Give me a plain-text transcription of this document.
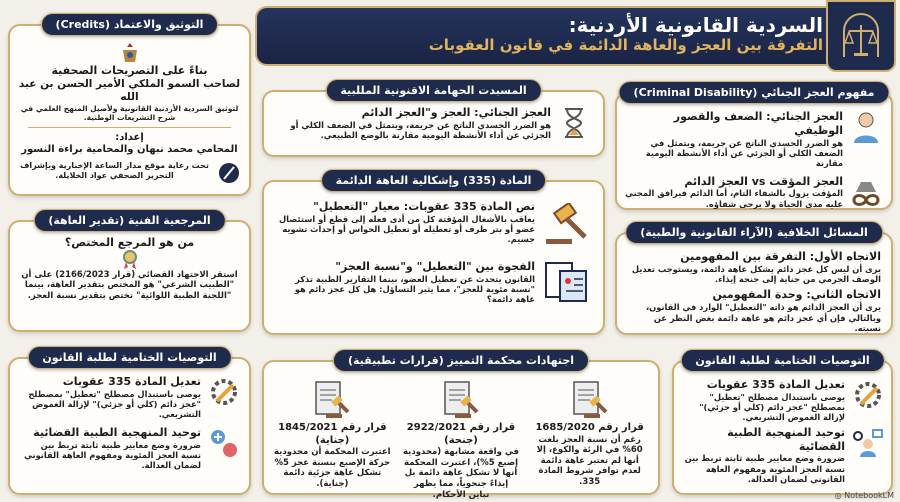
السردية القانونية الأردنية:
التفرقة بين العجز والعاهة الدائمة في قانون العقوبات
التوثيق والاعتماد (Credits)
بناءً على التصريحات الصحفية
لصاحب السمو الملكي الأمير الحسن بن عبد الله
لتوثيق السردية الأردنية القانونية ولأصيل المنهج العلمي في شرح التشريعات الوطنية.
إعداد:
المحامي محمد نبهان والمحامية براءة النسور
تحت رعاية موقع مدار الساعة الإخبارية وبإشراف التحرير الصحفي عواد الخلايلة.
المرجعية الفنية (تقدير العاهة)
من هو المرجع المختص؟
استقر الاجتهاد القضائي (قرار 2166/2023) على أن "الطبيب الشرعي" هو المختص بتقدير العاهة، بينما "اللجنة الطبية اللوائية" تختص بتقدير نسبة العجز.
التوصيات الختامية لطلبة القانون
تعديل المادة 335 عقوبات
يوصى باستبدال مصطلح "تعطيل" بمصطلح "عجز دائم (كلي أو جزئي)" لإزالة الغموض التشريعي.
توحيد المنهجية الطبية القضائية
ضرورة وضع معايير طبية ثابتة تربط بين نسبة العجز المئوية ومفهوم العاهة القانوني لضمان العدالة.
المسبدت الحهامة الاقنونية المللبية
العجز الجنائي: العجز و"العجز الدائم
هو الضرر الجسدي الناتج عن جريمة، ويتمثل في الضعف الكلي أو الجزئي عن أداء الأنشطة اليومية مقارنة بالوضع الطبيعي.
المادة (335) وإشكالية العاهة الدائمة
نص المادة 335 عقوبات: معيار "التعطيل"
يعاقب بالأشغال المؤقتة كل من أدى فعله إلى قطع أو استئصال عضو أو بتر طرف أو تعطيله أو تعطيل الحواس أو إحداث تشويه جسيم.
الفجوة بين "التعطيل" و"نسبة العجز"
القانون يتحدث عن تعطيل العضو، بينما التقارير الطبية تذكر "نسبة مئوية للعجز"، مما يثير التساؤل: هل كل عجز دائم هو عاهة دائمة؟
مفهوم العجز الجنائي (Criminal Disability)
العجز الجنائي: الضعف والقصور الوظيفي
هو الضرر الجسدي الناتج عن جريمة، ويتمثل في الضعف الكلي أو الجزئي عن أداء الأنشطة اليومية مقارنة
العجز المؤقت vs العجز الدائم
المؤقت يزول بالشفاء التام، أما الدائم فيرافق المجني عليه مدى الحياة ولا يرجى شفاؤه.
المسائل الخلافية (الآراء القانونية والطبية)
الاتجاه الأول: التفرقة بين المفهومين
يرى أن ليس كل عجز دائم يشكل عاهة دائمة، ويستوجب تعديل الوصف الجرمي من جناية إلى جنحة إيذاء.
الاتجاه الثاني: وحدة المفهومين
يرى أن العجز الدائم هو ذاته "التعطيل" الوارد في القانون، وبالتالي فإن أي عجز دائم هو عاهة دائمة بغض النظر عن نسبته.
اجتهادات محكمة التمييز (قرارات تطبيقية)
قرار رقم 1685/2020
رغم أن نسبة العجز بلغت 60% في الرئة والكوع، إلا أنها لم تعتبر عاهة دائمة لعدم توافر شروط المادة 335.
قرار رقم 2922/2021 (جنحة)
في واقعة مشابهة (محدودية إصبع 5%)، اعتبرت المحكمة أنها لا تشكل عاهة دائمة بل إيذاءً جنحوياً، مما يظهر تباين الأحكام.
قرار رقم 1845/2021 (جناية)
اعتبرت المحكمة أن محدودية حركة الإصبع بنسبة عجز 5% تشكل عاهة جزئية دائمة (جناية).
التوصيات الختامية لطلبة القانون
تعديل المادة 335 عقوبات
يوصى باستبدال مصطلح "تعطيل" بمصطلح "عجز دائم (كلي أو جزئي)" لإزالة الغموض التشريعي.
توحيد المنهجية الطبية القضائية
ضرورة وضع معايير طبية ثابتة تربط بين نسبة العجز المئوية ومفهوم العاهة القانوني لضمان العدالة.
◎ NotebookLM
